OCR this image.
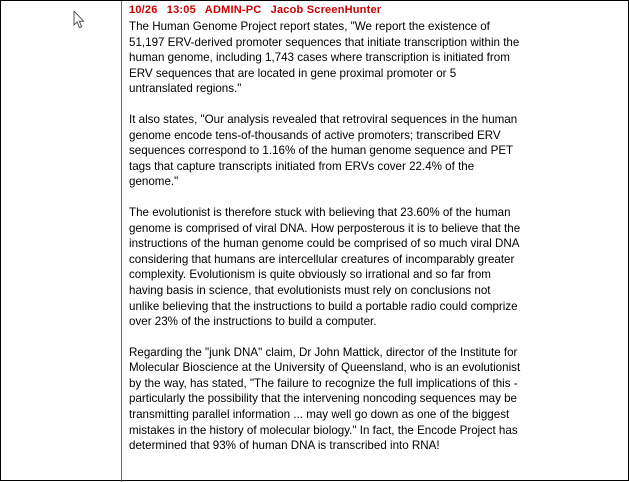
10/26 13:05 ADMIN-PC Jacob ScreenHunter

The Human Genome Project report states, "We report the existence of 51,197 ERV-derived promoter sequences that initiate transcription within the human genome, including 1,743 cases where transcription is initiated from ERV sequences that are located in gene proximal promoter or 5 untranslated regions."

It also states, "Our analysis revealed that retroviral sequences in the human genome encode tens-of-thousands of active promoters; transcribed ERV sequences correspond to 1.16% of the human genome sequence and PET tags that capture transcripts initiated from ERVs cover 22.4% of the genome."

The evolutionist is therefore stuck with believing that 23.60% of the human genome is comprised of viral DNA. How perposterous it is to believe that the instructions of the human genome could be comprised of so much viral DNA considering that humans are intercellular creatures of incomparably greater complexity. Evolutionism is quite obviously so irrational and so far from having basis in science, that evolutionists must rely on conclusions not unlike believing that the instructions to build a portable radio could comprize over 23% of the instructions to build a computer.

Regarding the "junk DNA" claim, Dr John Mattick, director of the Institute for Molecular Bioscience at the University of Queensland, who is an evolutionist by the way, has stated, "The failure to recognize the full implications of this - particularly the possibility that the intervening noncoding sequences may be transmitting parallel information ... may well go down as one of the biggest mistakes in the history of molecular biology." In fact, the Encode Project has determined that 93% of human DNA is transcribed into RNA!
